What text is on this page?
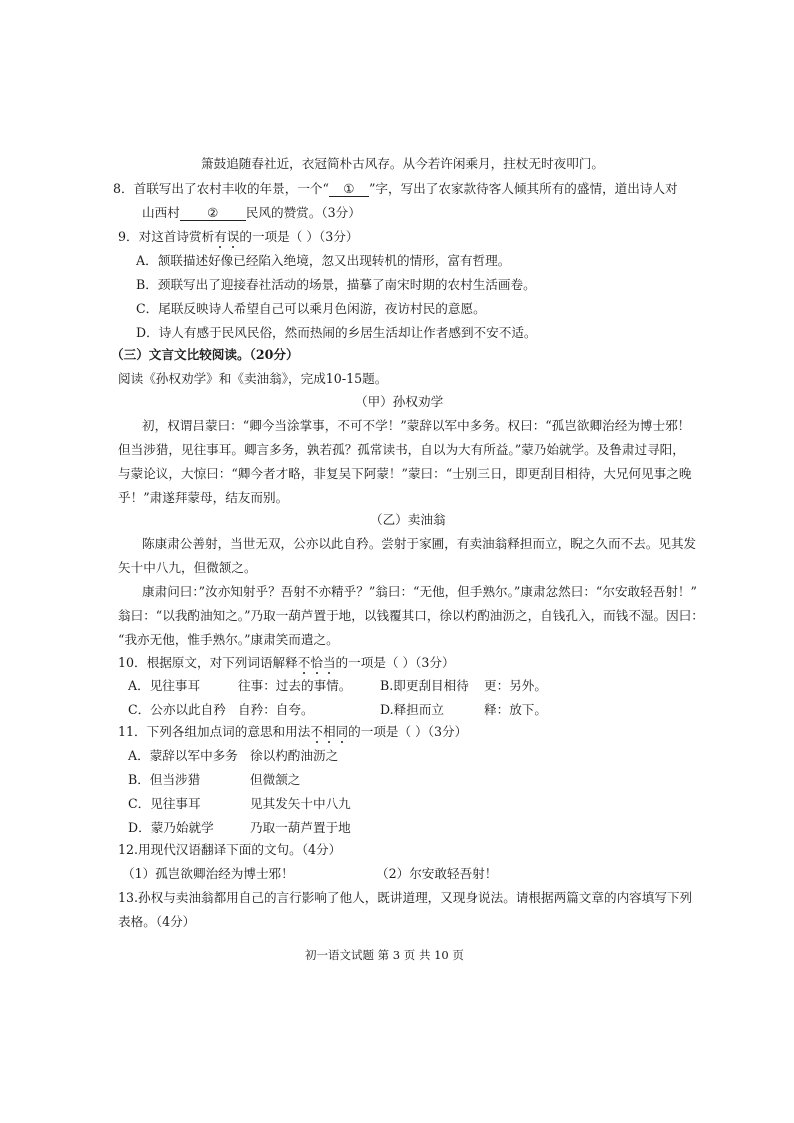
箫鼓追随春社近，衣冠简朴古风存。从今若许闲乘月，拄杖无时夜叩门。
8．首联写出了农村丰收的年景，一个“ ① ”字，写出了农家款待客人倾其所有的盛情，道出诗人对
山西村 ② 民风的赞赏。（3分）
9．对这首诗赏析有误的一项是（ ）（3分）
A．颔联描述好像已经陷入绝境，忽又出现转机的情形，富有哲理。
B．颈联写出了迎接春社活动的场景，描摹了南宋时期的农村生活画卷。
C．尾联反映诗人希望自己可以乘月色闲游，夜访村民的意愿。
D．诗人有感于民风民俗，然而热闹的乡居生活却让作者感到不安不适。
（三）文言文比较阅读。（20分）
阅读《孙权劝学》和《卖油翁》，完成10-15题。
（甲）孙权劝学
初，权谓吕蒙曰：“卿今当涂掌事，不可不学！”蒙辞以军中多务。权曰：“孤岂欲卿治经为博士邪！
但当涉猎，见往事耳。卿言多务，孰若孤？孤常读书，自以为大有所益。”蒙乃始就学。及鲁肃过寻阳，
与蒙论议，大惊曰：“卿今者才略，非复吴下阿蒙！”蒙曰：“士别三日，即更刮目相待，大兄何见事之晚
乎！”肃遂拜蒙母，结友而别。
（乙）卖油翁
陈康肃公善射，当世无双，公亦以此自矜。尝射于家圃，有卖油翁释担而立，睨之久而不去。见其发
矢十中八九，但微颔之。
康肃问曰：”汝亦知射乎？吾射不亦精乎？”翁曰：“无他，但手熟尔。”康肃忿然曰：“尔安敢轻吾射！”
翁曰：“以我酌油知之。”乃取一葫芦置于地，以钱覆其口，徐以杓酌油沥之，自钱孔入，而钱不湿。因曰：
“我亦无他，惟手熟尔。”康肃笑而遣之。
10．根据原文，对下列词语解释不恰当的一项是（ ）（3分）
A．见往事耳	往事：过去的事情。 B.即更刮目相待 更：另外。
C．公亦以此自矜 自矜：自夸。	D.释担而立	释：放下。
11．下列各组加点词的意思和用法不相同的一项是（ ）（3分）
A．蒙辞以军中多务 徐以杓酌油沥之
B．但当涉猎	但微颔之
C．见往事耳	见其发矢十中八九
D．蒙乃始就学	乃取一葫芦置于地
12.用现代汉语翻译下面的文句。（4分）
（1）孤岂欲卿治经为博士邪！	（2）尔安敢轻吾射！
13.孙权与卖油翁都用自己的言行影响了他人，既讲道理，又现身说法。请根据两篇文章的内容填写下列
表格。（4分）
初一语文试题 第 3 页 共 10 页
